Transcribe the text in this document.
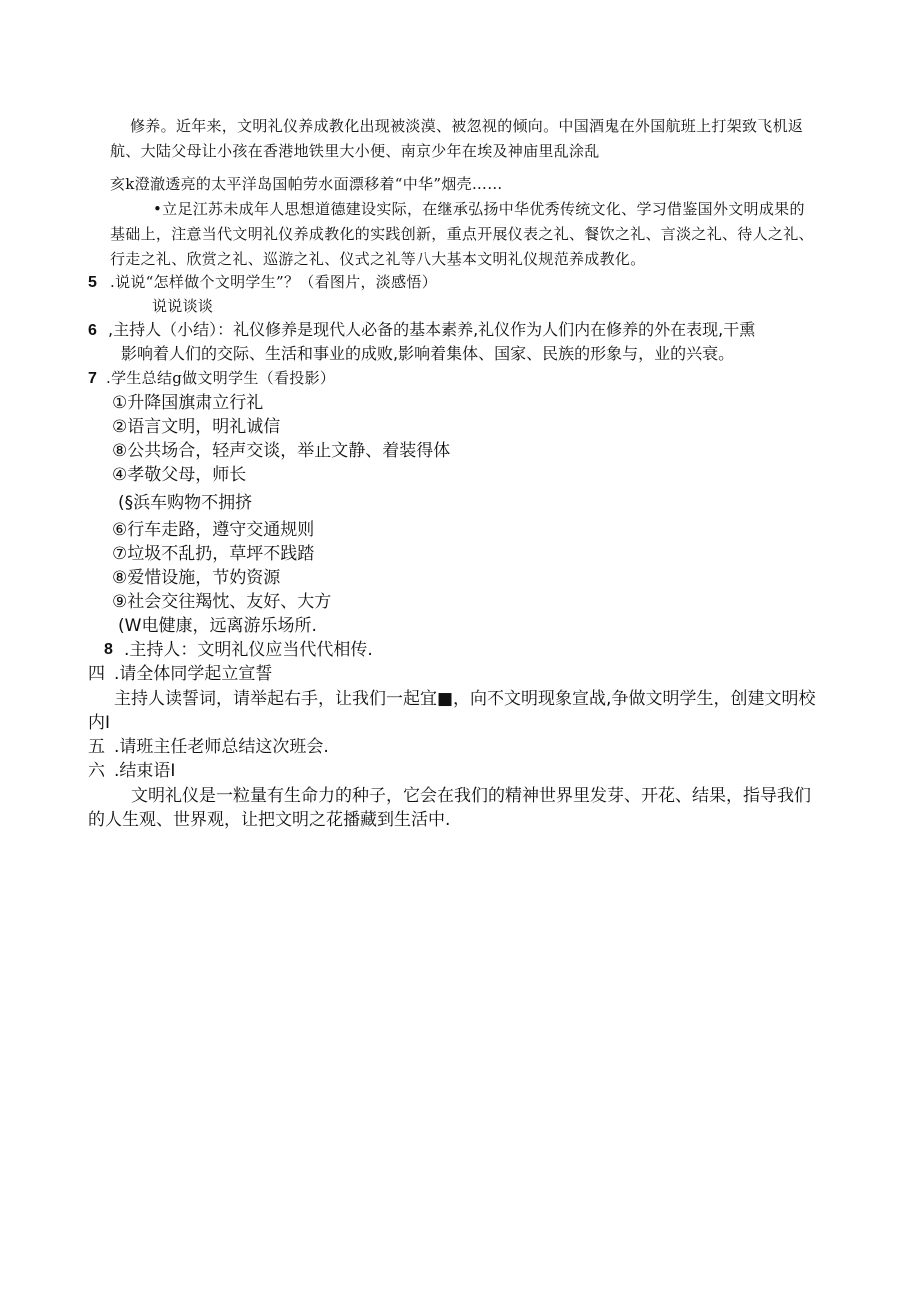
修养。近年来，文明礼仪养成教化出现被淡漠、被忽视的倾向。中国酒鬼在外国航班上打架致飞机返
航、大陆父母让小孩在香港地铁里大小便、南京少年在埃及神庙里乱涂乱
亥k澄澈透亮的太平洋岛国帕劳水面漂移着“中华”烟壳……
•立足江苏未成年人思想道德建设实际，在继承弘扬中华优秀传统文化、学习借鉴国外文明成果的
基础上，注意当代文明礼仪养成教化的实践创新，重点开展仪表之礼、餐饮之礼、言淡之礼、待人之礼、
行走之礼、欣赏之礼、巡游之礼、仪式之礼等八大基本文明礼仪规范养成教化。
5 .说说“怎样做个文明学生”？（看图片，淡感悟）
说说谈谈
6 ,主持人（小结）：礼仪修养是现代人必备的基本素养,礼仪作为人们内在修养的外在表现,干熏
影响着人们的交际、生活和事业的成败,影响着集体、国家、民族的形象与，业的兴衰。
7 .学生总结g做文明学生（看投影）
①升降国旗肃立行礼
②语言文明，明礼诚信
⑧公共场合，轻声交谈，举止文静、着装得体
④孝敬父母，师长
(§浜车购物不拥挤
⑥行车走路，遵守交通规则
⑦垃圾不乱扔，草坪不践踏
⑧爱惜设施，节妁资源
⑨社会交往羯忱、友好、大方
(W电健康，远离游乐场所.
8 .主持人：文明礼仪应当代代相传.
四 .请全体同学起立宣誓
主持人读誓词，请举起右手，让我们一起宜■，向不文明现象宣战,争做文明学生，创建文明校
内I
五 .请班主任老师总结这次班会.
六 .结束语I
文明礼仪是一粒量有生命力的种子，它会在我们的精神世界里发芽、开花、结果，指导我们
的人生观、世界观，让把文明之花播藏到生活中.
